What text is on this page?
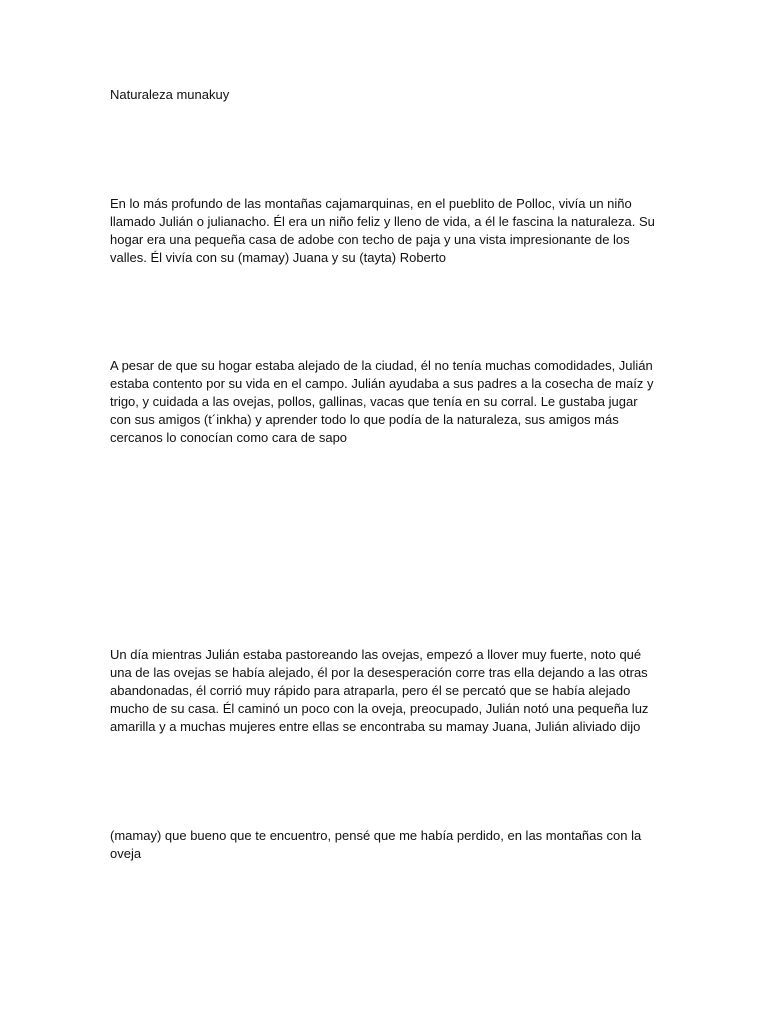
Naturaleza munakuy

En lo más profundo de las montañas cajamarquinas, en el pueblito de Polloc, vivía un niño llamado Julián o julianacho. Él era un niño feliz y lleno de vida, a él le fascina la naturaleza. Su hogar era una pequeña casa de adobe con techo de paja y una vista impresionante de los valles. Él vivía con su (mamay) Juana y su (tayta) Roberto

A pesar de que su hogar estaba alejado de la ciudad, él no tenía muchas comodidades, Julián estaba contento por su vida en el campo. Julián ayudaba a sus padres a la cosecha de maíz y trigo, y cuidada a las ovejas, pollos, gallinas, vacas que tenía en su corral. Le gustaba jugar con sus amigos (t´inkha) y aprender todo lo que podía de la naturaleza, sus amigos más cercanos lo conocían como cara de sapo

Un día mientras Julián estaba pastoreando las ovejas, empezó a llover muy fuerte, noto qué una de las ovejas se había alejado, él por la desesperación corre tras ella dejando a las otras abandonadas, él corrió muy rápido para atraparla, pero él se percató que se había alejado mucho de su casa. Él caminó un poco con la oveja, preocupado, Julián notó una pequeña luz amarilla y a muchas mujeres entre ellas se encontraba su mamay Juana, Julián aliviado dijo

(mamay) que bueno que te encuentro, pensé que me había perdido, en las montañas con la oveja
